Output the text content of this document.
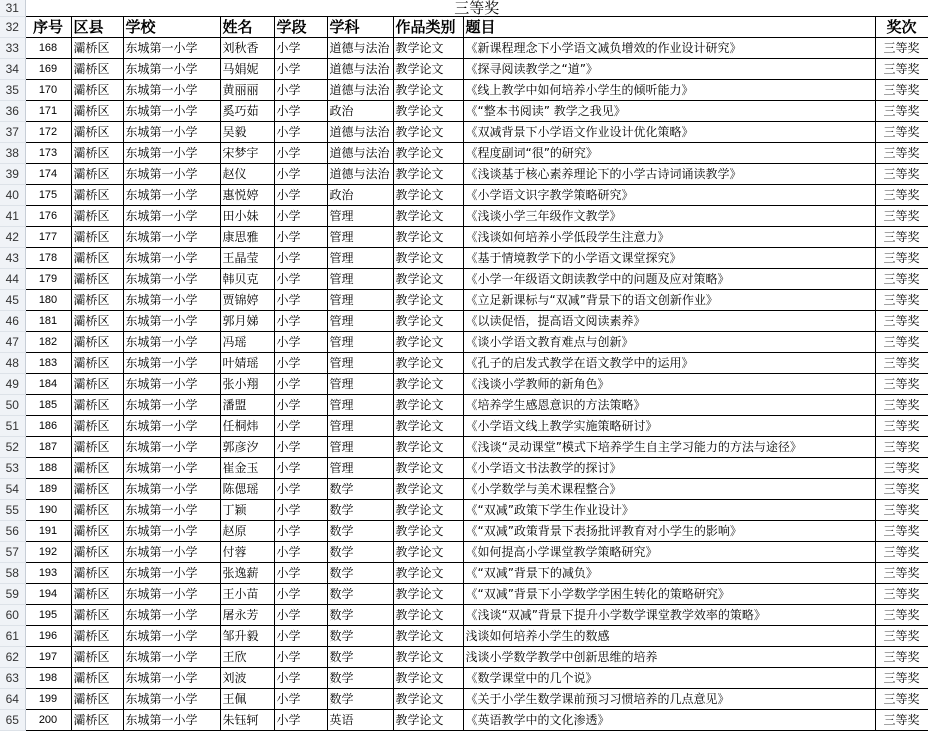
31	三等奖								
32	序号	区县	学校	姓名	学段	学科	作品类别	题目	奖次
33	168	灞桥区	东城第一小学	刘秋香	小学	道德与法治	教学论文	《新课程理念下小学语文减负增效的作业设计研究》	三等奖
34	169	灞桥区	东城第一小学	马娟妮	小学	道德与法治	教学论文	《探寻阅读教学之“道”》	三等奖
35	170	灞桥区	东城第一小学	黄丽丽	小学	道德与法治	教学论文	《线上教学中如何培养小学生的倾听能力》	三等奖
36	171	灞桥区	东城第一小学	奚巧茹	小学	政治	教学论文	《“整本书阅读” 教学之我见》	三等奖
37	172	灞桥区	东城第一小学	吴毅	小学	道德与法治	教学论文	《双减背景下小学语文作业设计优化策略》	三等奖
38	173	灞桥区	东城第一小学	宋梦宇	小学	道德与法治	教学论文	《程度副词“很”的研究》	三等奖
39	174	灞桥区	东城第一小学	赵仪	小学	道德与法治	教学论文	《浅谈基于核心素养理论下的小学古诗词诵读教学》	三等奖
40	175	灞桥区	东城第一小学	惠悦婷	小学	政治	教学论文	《小学语文识字教学策略研究》	三等奖
41	176	灞桥区	东城第一小学	田小妹	小学	管理	教学论文	《浅谈小学三年级作文教学》	三等奖
42	177	灞桥区	东城第一小学	康思雅	小学	管理	教学论文	《浅谈如何培养小学低段学生注意力》	三等奖
43	178	灞桥区	东城第一小学	王晶莹	小学	管理	教学论文	《基于情境教学下的小学语文课堂探究》	三等奖
44	179	灞桥区	东城第一小学	韩贝克	小学	管理	教学论文	《小学一年级语文朗读教学中的问题及应对策略》	三等奖
45	180	灞桥区	东城第一小学	贾锦婷	小学	管理	教学论文	《立足新课标与“双减”背景下的语文创新作业》	三等奖
46	181	灞桥区	东城第一小学	郭月娣	小学	管理	教学论文	《以读促悟，提高语文阅读素养》	三等奖
47	182	灞桥区	东城第一小学	冯瑶	小学	管理	教学论文	《谈小学语文教育难点与创新》	三等奖
48	183	灞桥区	东城第一小学	叶婧瑶	小学	管理	教学论文	《孔子的启发式教学在语文教学中的运用》	三等奖
49	184	灞桥区	东城第一小学	张小翔	小学	管理	教学论文	《浅谈小学教师的新角色》	三等奖
50	185	灞桥区	东城第一小学	潘盟	小学	管理	教学论文	《培养学生感恩意识的方法策略》	三等奖
51	186	灞桥区	东城第一小学	任桐炜	小学	管理	教学论文	《小学语文线上教学实施策略研讨》	三等奖
52	187	灞桥区	东城第一小学	郭彦汐	小学	管理	教学论文	《浅谈“灵动课堂”模式下培养学生自主学习能力的方法与途径》	三等奖
53	188	灞桥区	东城第一小学	崔金玉	小学	管理	教学论文	《小学语文书法教学的探讨》	三等奖
54	189	灞桥区	东城第一小学	陈偲瑶	小学	数学	教学论文	《小学数学与美术课程整合》	三等奖
55	190	灞桥区	东城第一小学	丁颖	小学	数学	教学论文	《“双减”政策下学生作业设计》	三等奖
56	191	灞桥区	东城第一小学	赵原	小学	数学	教学论文	《“双减”政策背景下表扬批评教育对小学生的影响》	三等奖
57	192	灞桥区	东城第一小学	付蓉	小学	数学	教学论文	《如何提高小学课堂教学策略研究》	三等奖
58	193	灞桥区	东城第一小学	张逸薪	小学	数学	教学论文	《“双减”背景下的减负》	三等奖
59	194	灞桥区	东城第一小学	王小苗	小学	数学	教学论文	《“双减”背景下小学数学学困生转化的策略研究》	三等奖
60	195	灞桥区	东城第一小学	屠永芳	小学	数学	教学论文	《浅谈“双减”背景下提升小学数学课堂教学效率的策略》	三等奖
61	196	灞桥区	东城第一小学	邹升毅	小学	数学	教学论文	浅谈如何培养小学生的数感	三等奖
62	197	灞桥区	东城第一小学	王欣	小学	数学	教学论文	浅谈小学数学教学中创新思维的培养	三等奖
63	198	灞桥区	东城第一小学	刘波	小学	数学	教学论文	《数学课堂中的几个说》	三等奖
64	199	灞桥区	东城第一小学	王佩	小学	数学	教学论文	《关于小学生数学课前预习习惯培养的几点意见》	三等奖
65	200	灞桥区	东城第一小学	朱钰轲	小学	英语	教学论文	《英语教学中的文化渗透》	三等奖
